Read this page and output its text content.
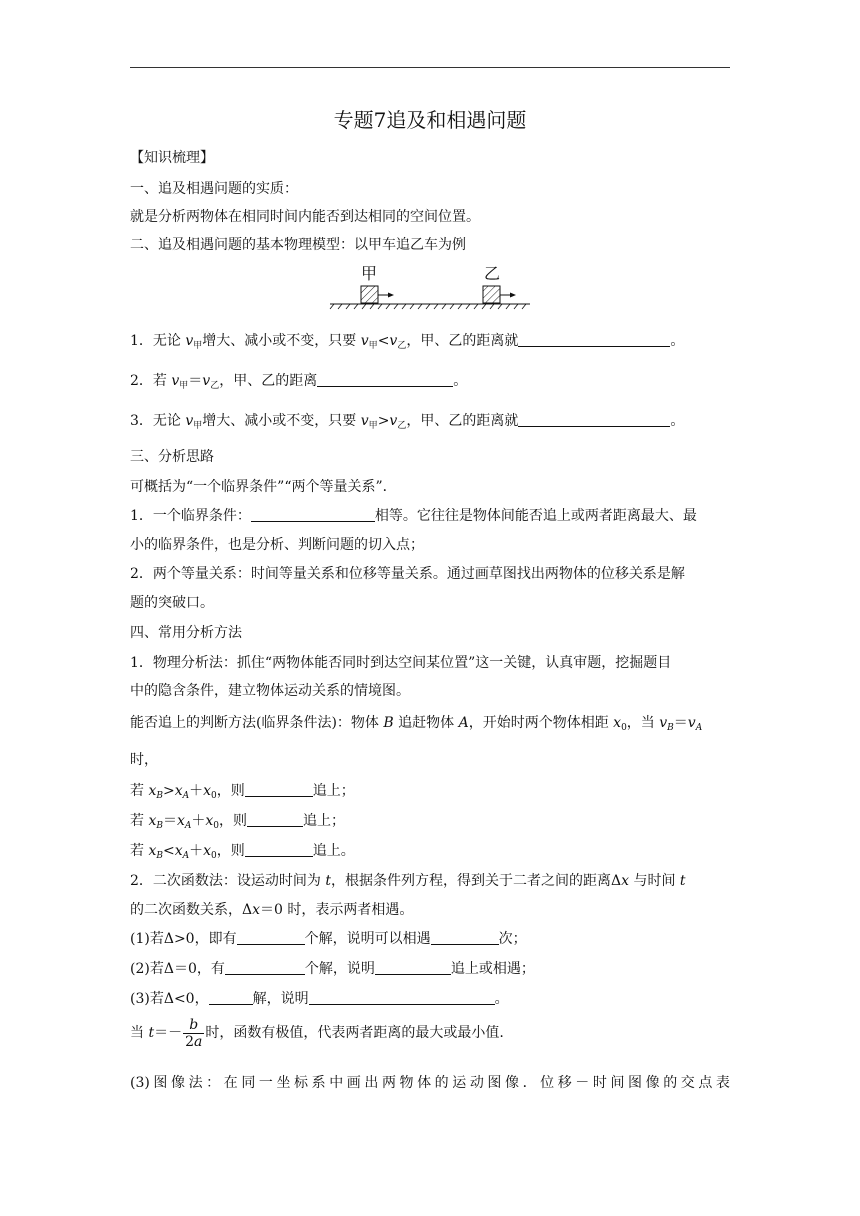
专题7追及和相遇问题
【知识梳理】
一、追及相遇问题的实质：
就是分析两物体在相同时间内能否到达相同的空间位置。
二、追及相遇问题的基本物理模型：以甲车追乙车为例
甲	乙
1．无论 $v_甲$增大、减小或不变，只要 $v_甲<v_乙$，甲、乙的距离就	。
2．若 $v_甲=v_乙$，甲、乙的距离	。
3．无论 $v_甲$增大、减小或不变，只要 $v_甲>v_乙$，甲、乙的距离就	。
三、分析思路
可概括为“一个临界条件”“两个等量关系”．
1．一个临界条件：	相等。它往往是物体间能否追上或两者距离最大、最
小的临界条件，也是分析、判断问题的切入点；
2．两个等量关系：时间等量关系和位移等量关系。通过画草图找出两物体的位移关系是解
题的突破口。
四、常用分析方法
1．物理分析法：抓住“两物体能否同时到达空间某位置”这一关键，认真审题，挖掘题目
中的隐含条件，建立物体运动关系的情境图。
能否追上的判断方法(临界条件法)：物体 B 追赶物体 A，开始时两个物体相距 $x_0$，当 $v_B=v_A$
时，
若 $x_B>x_A+x_0$，则	追上；
若 $x_B=x_A+x_0$，则	追上；
若 $x_B<x_A+x_0$，则	追上。
2．二次函数法：设运动时间为 t，根据条件列方程，得到关于二者之间的距离Δx 与时间 t
的二次函数关系，Δx＝0 时，表示两者相遇。
(1)若Δ>0，即有	个解，说明可以相遇	次；
(2)若Δ＝0，有	个解，说明	追上或相遇；
(3)若Δ<0，	解，说明	。
当 $t=- \frac{b}{2a}$ 时，函数有极值，代表两者距离的最大或最小值.
(3) 图 像 法 ： 在 同 一 坐 标 系 中 画 出 两 物 体 的 运 动 图 像 ． 位 移 － 时 间 图 像 的 交 点 表
